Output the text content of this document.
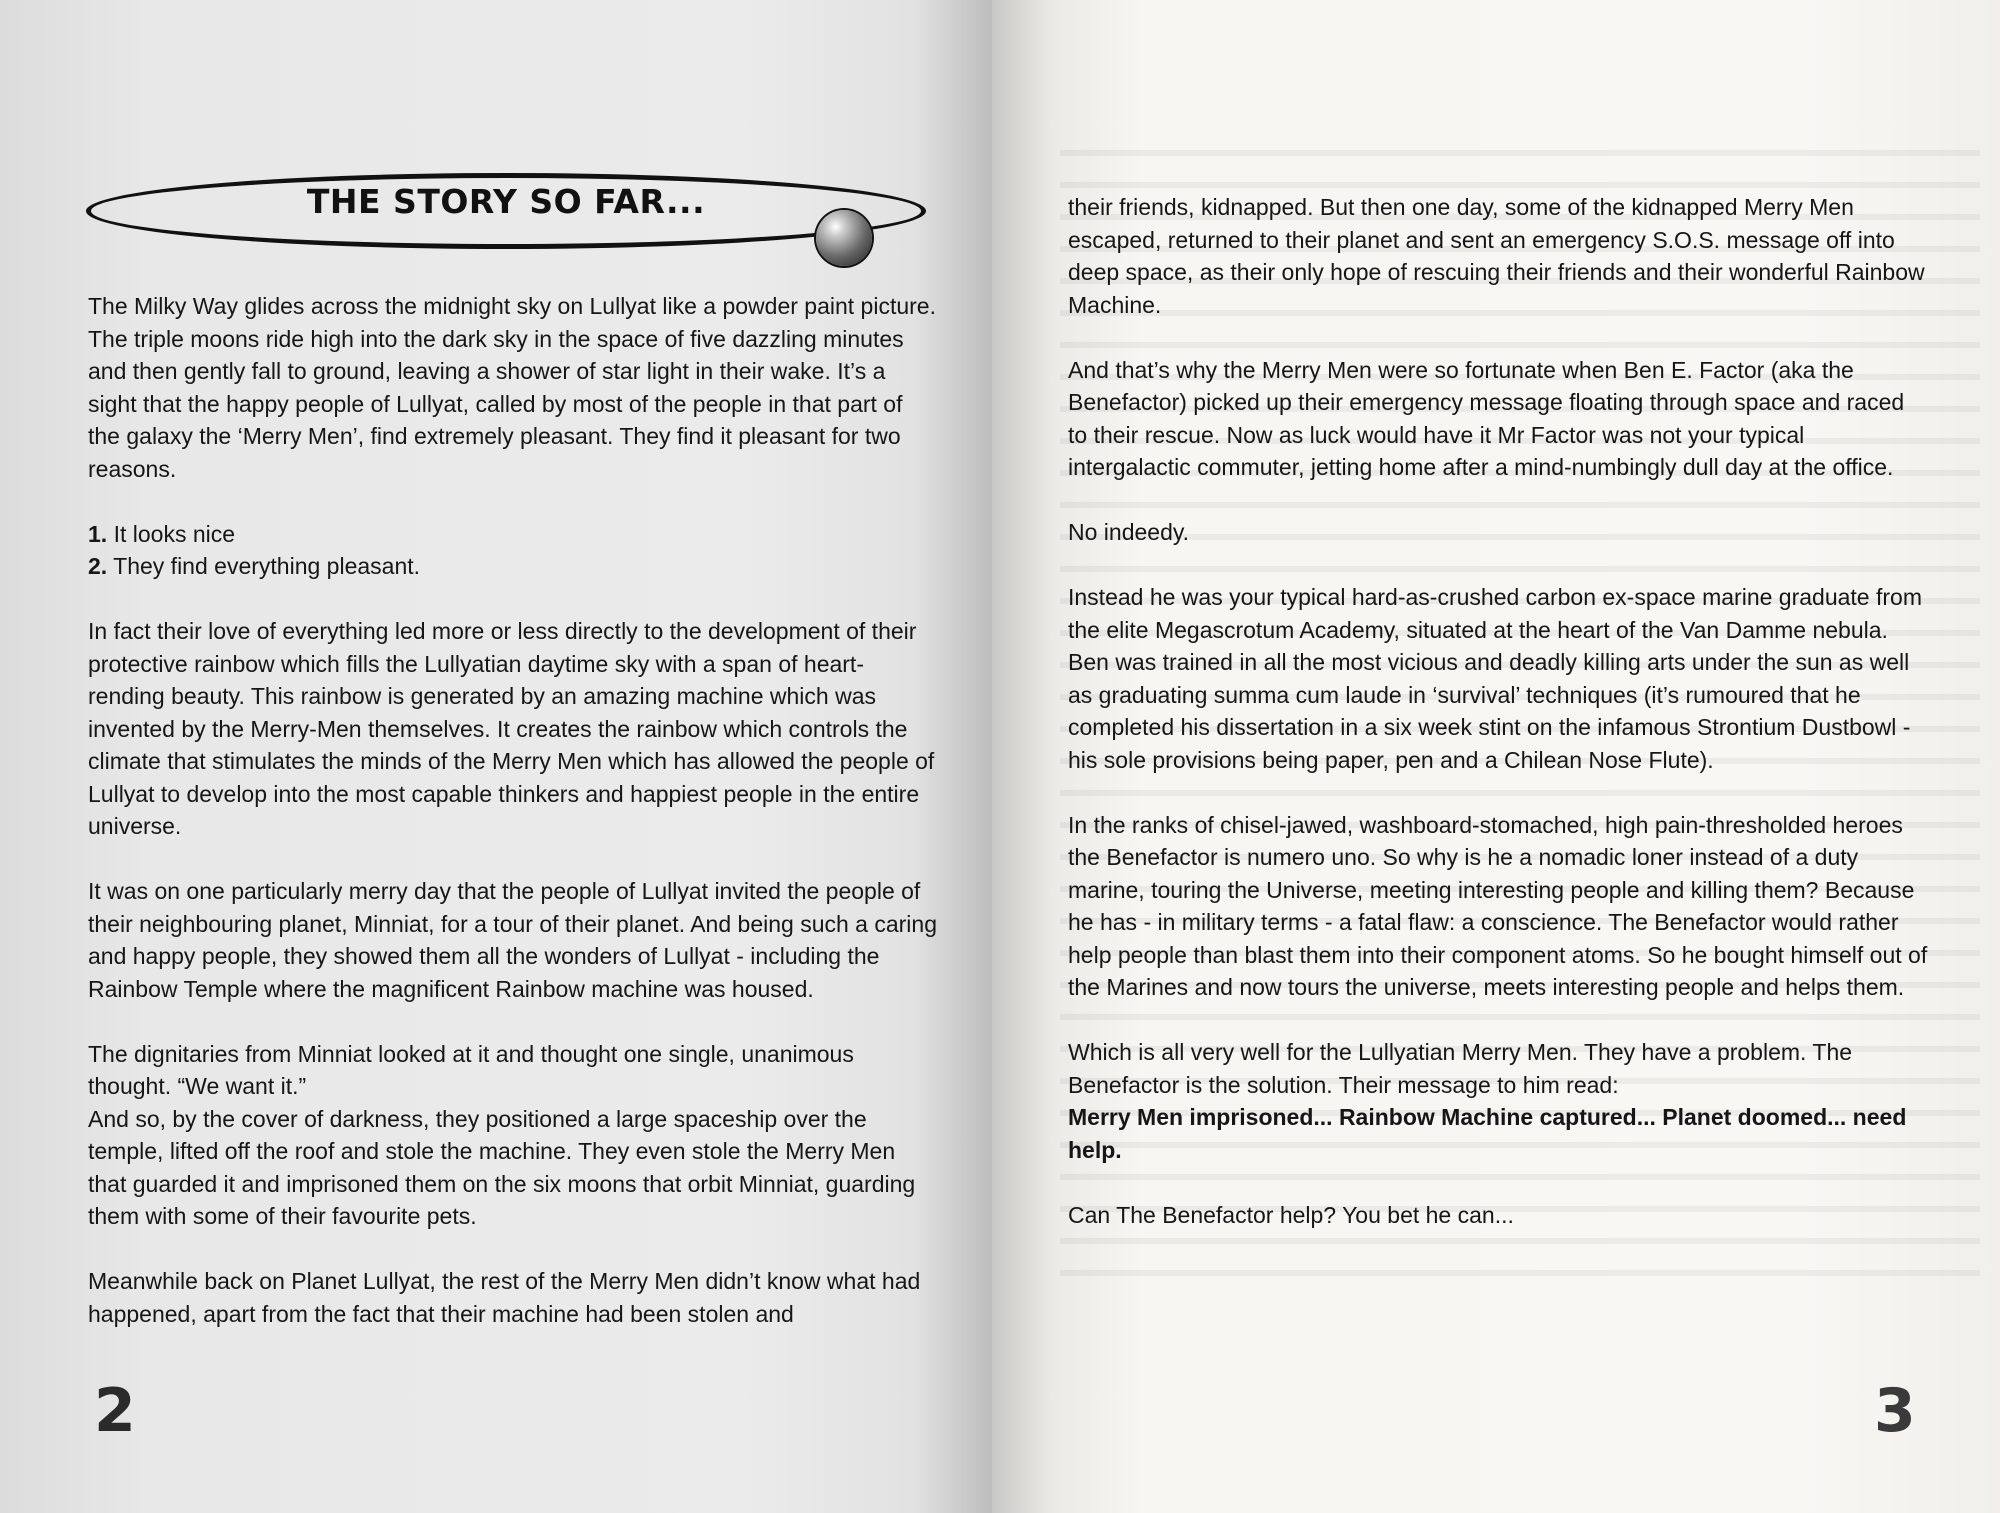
THE STORY SO FAR...

The Milky Way glides across the midnight sky on Lullyat like a powder paint picture. The triple moons ride high into the dark sky in the space of five dazzling minutes and then gently fall to ground, leaving a shower of star light in their wake. It’s a sight that the happy people of Lullyat, called by most of the people in that part of the galaxy the ‘Merry Men’, find extremely pleasant. They find it pleasant for two reasons.

1. It looks nice

2. They find everything pleasant.

In fact their love of everything led more or less directly to the development of their protective rainbow which fills the Lullyatian daytime sky with a span of heart-rending beauty. This rainbow is generated by an amazing machine which was invented by the Merry-Men themselves. It creates the rainbow which controls the climate that stimulates the minds of the Merry Men which has allowed the people of Lullyat to develop into the most capable thinkers and happiest people in the entire universe.

It was on one particularly merry day that the people of Lullyat invited the people of their neighbouring planet, Minniat, for a tour of their planet. And being such a caring and happy people, they showed them all the wonders of Lullyat - including the Rainbow Temple where the magnificent Rainbow machine was housed.

The dignitaries from Minniat looked at it and thought one single, unanimous thought. “We want it.”

And so, by the cover of darkness, they positioned a large spaceship over the temple, lifted off the roof and stole the machine. They even stole the Merry Men that guarded it and imprisoned them on the six moons that orbit Minniat, guarding them with some of their favourite pets.

Meanwhile back on Planet Lullyat, the rest of the Merry Men didn’t know what had happened, apart from the fact that their machine had been stolen and

2

their friends, kidnapped. But then one day, some of the kidnapped Merry Men escaped, returned to their planet and sent an emergency S.O.S. message off into deep space, as their only hope of rescuing their friends and their wonderful Rainbow Machine.

And that’s why the Merry Men were so fortunate when Ben E. Factor (aka the Benefactor) picked up their emergency message floating through space and raced to their rescue. Now as luck would have it Mr Factor was not your typical intergalactic commuter, jetting home after a mind-numbingly dull day at the office.

No indeedy.

Instead he was your typical hard-as-crushed carbon ex-space marine graduate from the elite Megascrotum Academy, situated at the heart of the Van Damme nebula. Ben was trained in all the most vicious and deadly killing arts under the sun as well as graduating summa cum laude in ‘survival’ techniques (it’s rumoured that he completed his dissertation in a six week stint on the infamous Strontium Dustbowl - his sole provisions being paper, pen and a Chilean Nose Flute).

In the ranks of chisel-jawed, washboard-stomached, high pain-thresholded heroes the Benefactor is numero uno. So why is he a nomadic loner instead of a duty marine, touring the Universe, meeting interesting people and killing them? Because he has - in military terms - a fatal flaw: a conscience. The Benefactor would rather help people than blast them into their component atoms. So he bought himself out of the Marines and now tours the universe, meets interesting people and helps them.

Which is all very well for the Lullyatian Merry Men. They have a problem. The Benefactor is the solution. Their message to him read:

Merry Men imprisoned... Rainbow Machine captured... Planet doomed... need help.

Can The Benefactor help? You bet he can...

3
